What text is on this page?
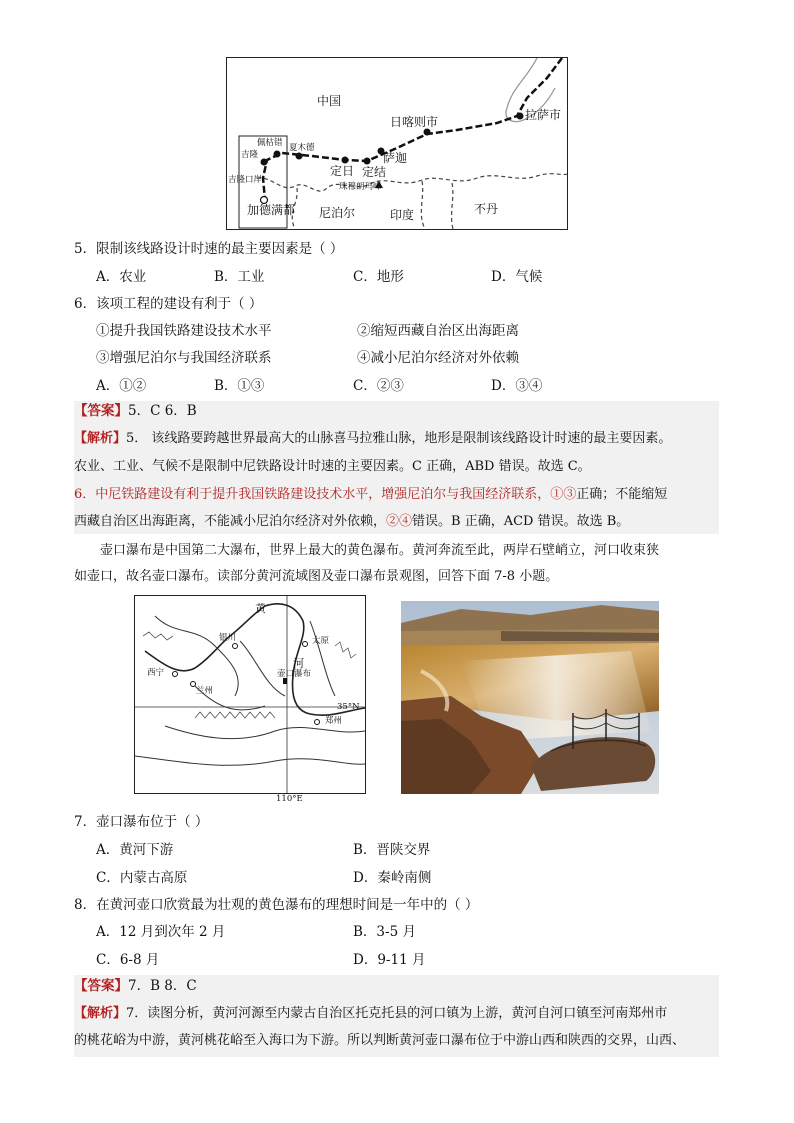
中国
拉萨市
日喀则市
佩枯错 夏木德
吉隆
吉隆口岸
萨迦
定日 定结
珠穆朗玛峰
加德满都 尼泊尔	印度	不丹
5．限制该线路设计时速的最主要因素是（ ）
A．农业	B．工业	C．地形	D．气候
6．该项工程的建设有利于（ ）
①提升我国铁路建设技术水平	②缩短西藏自治区出海距离
③增强尼泊尔与我国经济联系	④减小尼泊尔经济对外依赖
A．①②	B．①③	C．②③	D．③④
【答案】5．C 6．B
【解析】5． 该线路要跨越世界最高大的山脉喜马拉雅山脉，地形是限制该线路设计时速的最主要因素。
农业、工业、气候不是限制中尼铁路设计时速的主要因素。C 正确，ABD 错误。故选 C。
6．中尼铁路建设有利于提升我国铁路建设技术水平，增强尼泊尔与我国经济联系，①③正确；不能缩短
西藏自治区出海距离，不能减小尼泊尔经济对外依赖，②④错误。B 正确，ACD 错误。故选 B。
壶口瀑布是中国第二大瀑布，世界上最大的黄色瀑布。黄河奔流至此，两岸石壁峭立，河口收束狭
如壶口，故名壶口瀑布。读部分黄河流域图及壶口瀑布景观图，回答下面 7-8 小题。
黄
河
银川	太原
西宁
兰州
壶口瀑布
35°N
郑州
110°E
7．壶口瀑布位于（ ）
A．黄河下游	B．晋陕交界
C．内蒙古高原	D．秦岭南侧
8．在黄河壶口欣赏最为壮观的黄色瀑布的理想时间是一年中的（ ）
A．12 月到次年 2 月	B．3-5 月
C．6-8 月	D．9-11 月
【答案】7．B 8．C
【解析】7．读图分析，黄河河源至内蒙古自治区托克托县的河口镇为上游，黄河自河口镇至河南郑州市
的桃花峪为中游，黄河桃花峪至入海口为下游。所以判断黄河壶口瀑布位于中游山西和陕西的交界，山西、
